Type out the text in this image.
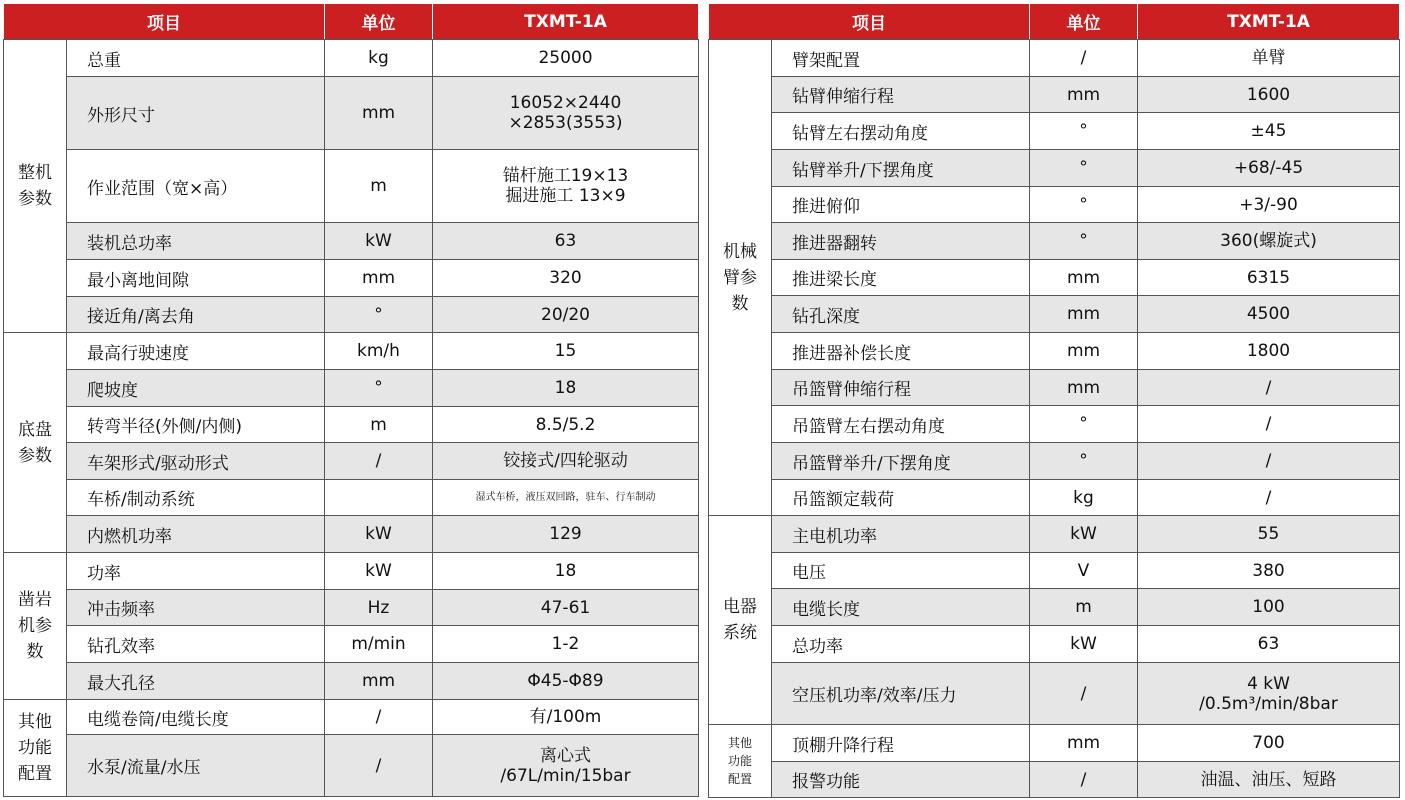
项目		单位	TXMT-1A
整机
参数	总重	kg	25000
	外形尺寸	mm	16052×2440
×2853(3553)
	作业范围（宽×高）	m	锚杆施工19×13
掘进施工 13×9
	装机总功率	kW	63
	最小离地间隙	mm	320
	接近角/离去角	°	20/20
底盘
参数	最高行驶速度	km/h	15
	爬坡度	°	18
	转弯半径(外侧/内侧)	m	8.5/5.2
	车架形式/驱动形式	/	铰接式/四轮驱动
	车桥/制动系统		湿式车桥，液压双回路，驻车、行车制动
	内燃机功率	kW	129
凿岩
机参
数	功率	kW	18
	冲击频率	Hz	47-61
	钻孔效率	m/min	1-2
	最大孔径	mm	Φ45-Φ89
其他
功能
配置	电缆卷筒/电缆长度	/	有/100m
	水泵/流量/水压	/	离心式
/67L/min/15bar
项目		单位	TXMT-1A
机械
臂参
数	臂架配置	/	单臂
	钻臂伸缩行程	mm	1600
	钻臂左右摆动角度	°	±45
	钻臂举升/下摆角度	°	+68/-45
	推进俯仰	°	+3/-90
	推进器翻转	°	360(螺旋式)
	推进梁长度	mm	6315
	钻孔深度	mm	4500
	推进器补偿长度	mm	1800
	吊篮臂伸缩行程	mm	/
	吊篮臂左右摆动角度	°	/
	吊篮臂举升/下摆角度	°	/
	吊篮额定载荷	kg	/
电器
系统	主电机功率	kW	55
	电压	V	380
	电缆长度	m	100
	总功率	kW	63
	空压机功率/效率/压力	/	4 kW
/0.5m³/min/8bar
其他
功能
配置	顶棚升降行程	mm	700
	报警功能	/	油温、油压、短路
